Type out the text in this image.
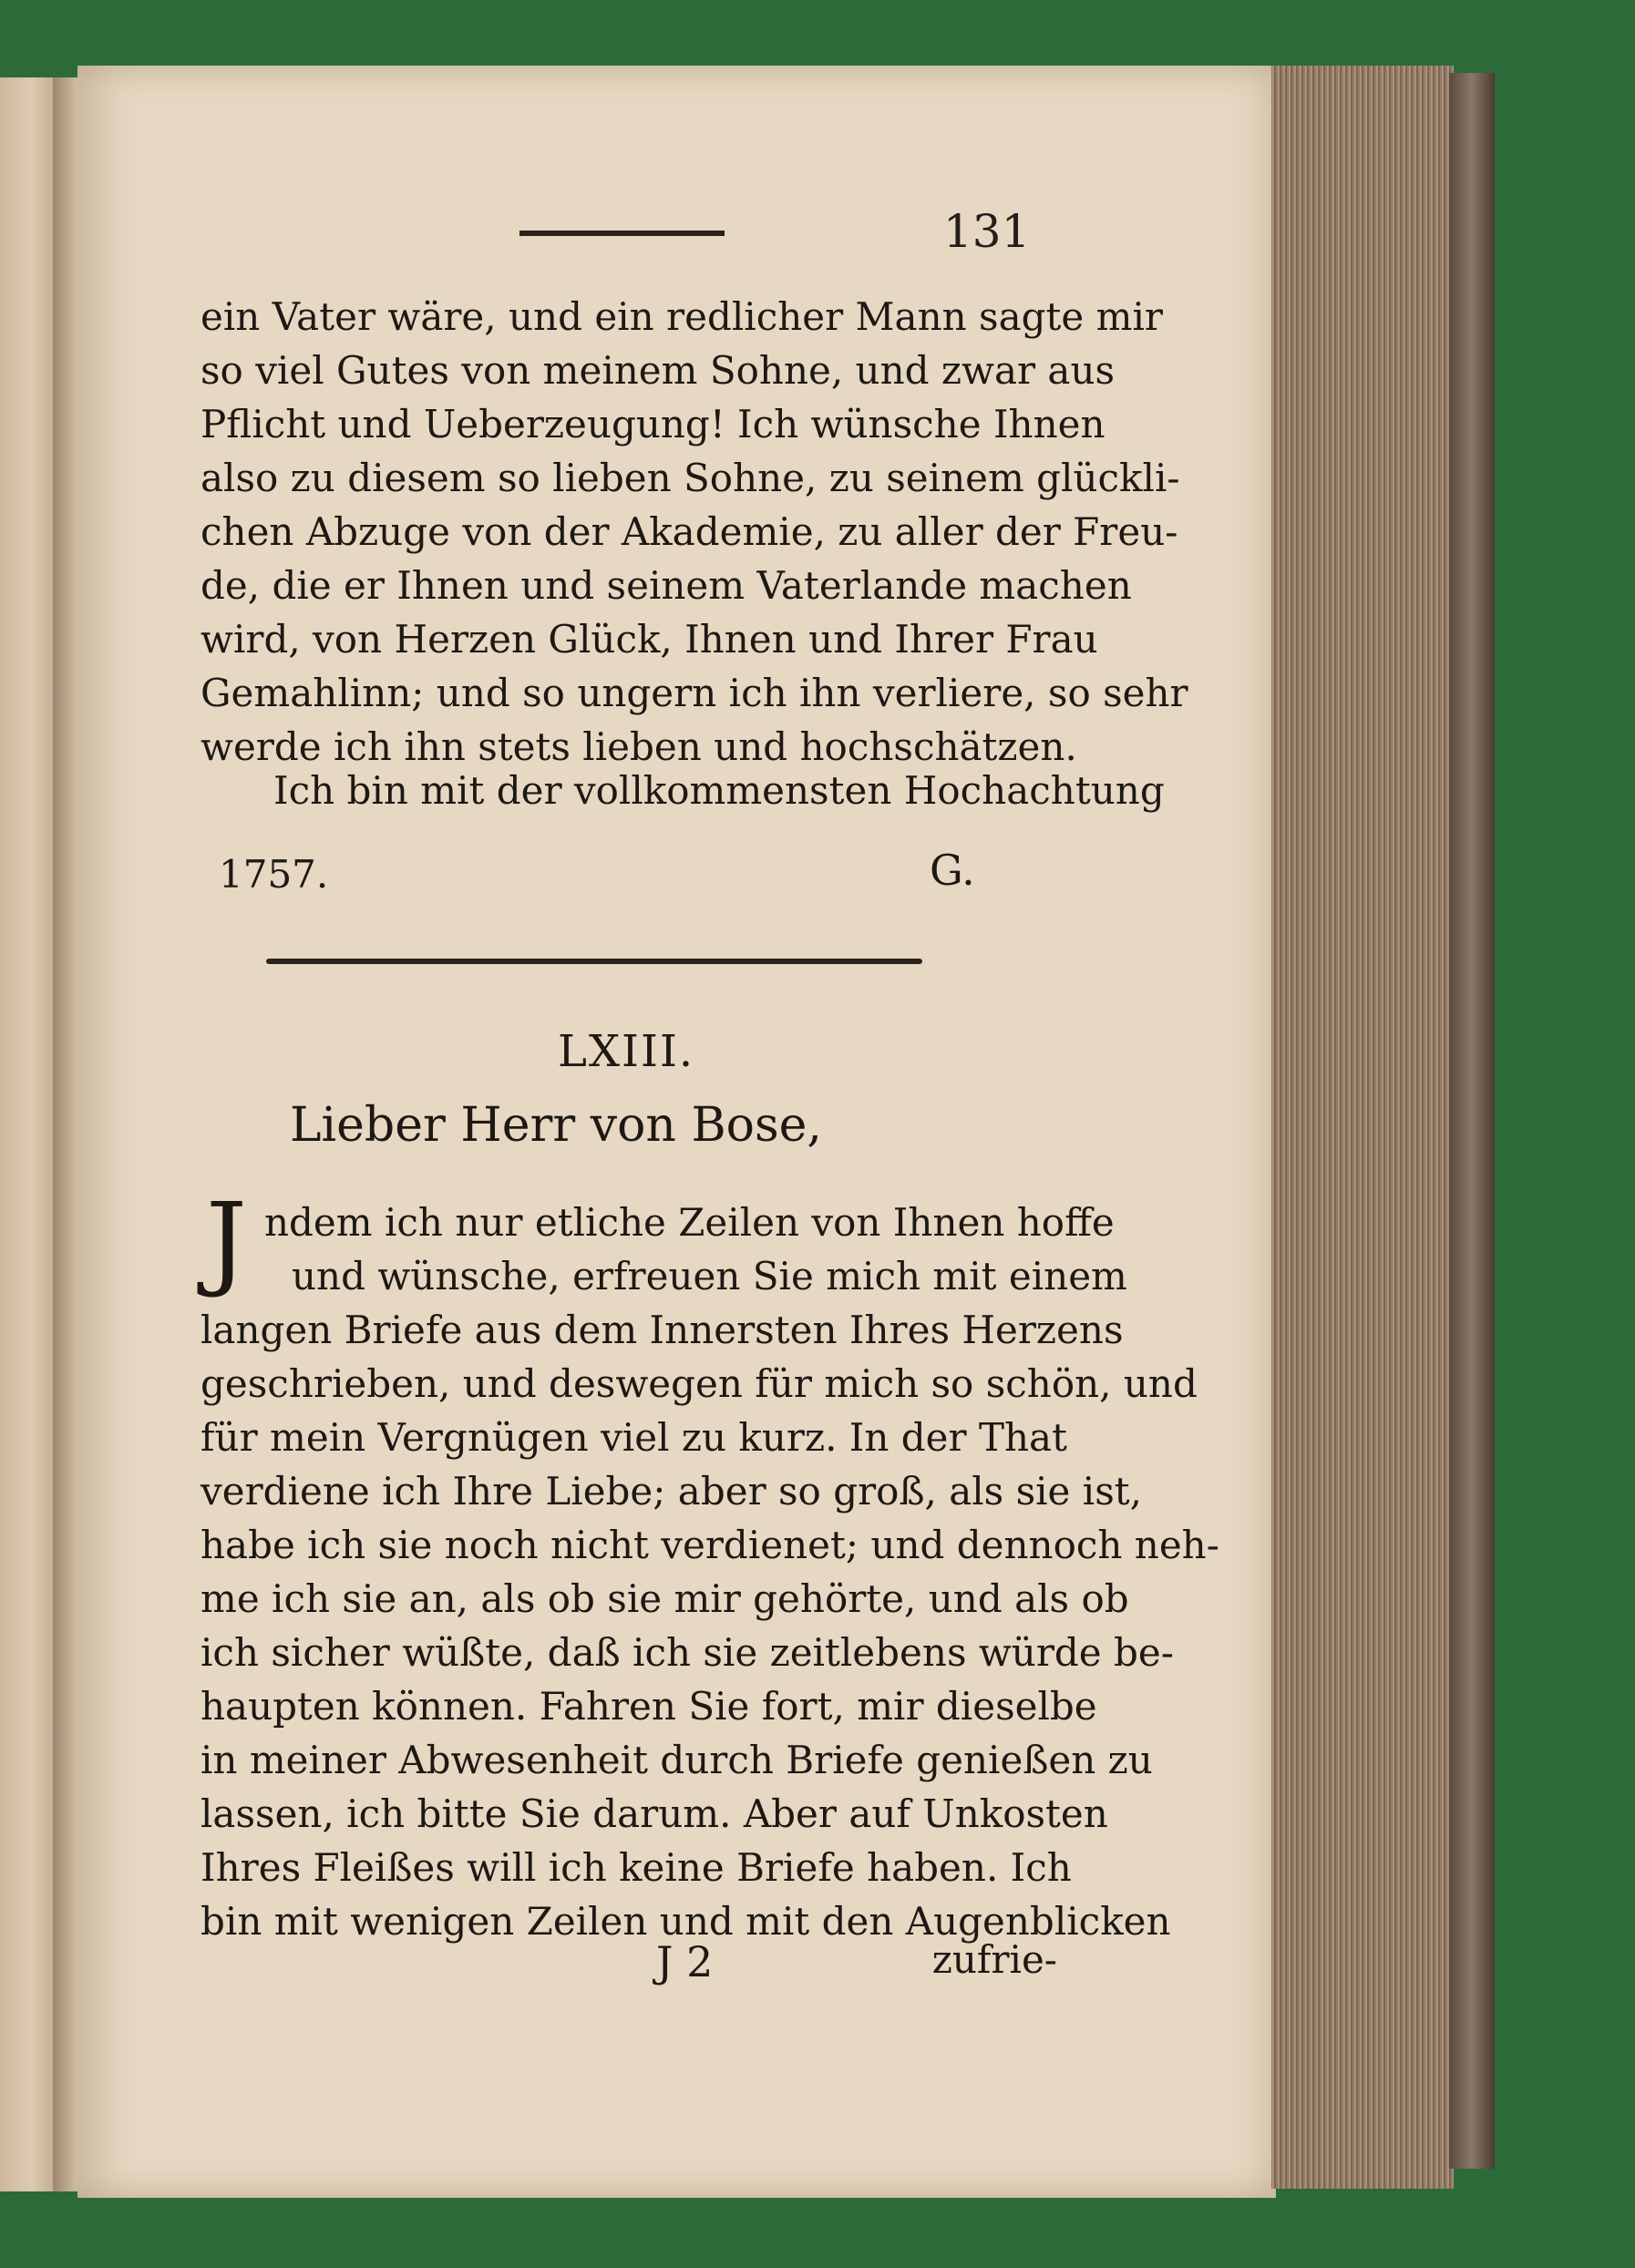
131
ein Vater wäre, und ein redlicher Mann sagte mir
so viel Gutes von meinem Sohne, und zwar aus
Pflicht und Ueberzeugung! Ich wünsche Ihnen
also zu diesem so lieben Sohne, zu seinem glückli-
chen Abzuge von der Akademie, zu aller der Freu-
de, die er Ihnen und seinem Vaterlande machen
wird, von Herzen Glück, Ihnen und Ihrer Frau
Gemahlinn; und so ungern ich ihn verliere, so sehr
werde ich ihn stets lieben und hochschätzen.
Ich bin mit der vollkommensten Hochachtung
1757.	G.
LXIII.
Lieber Herr von Bose,
J ndem ich nur etliche Zeilen von Ihnen hoffe
und wünsche, erfreuen Sie mich mit einem
langen Briefe aus dem Innersten Ihres Herzens
geschrieben, und deswegen für mich so schön, und
für mein Vergnügen viel zu kurz. In der That
verdiene ich Ihre Liebe; aber so groß, als sie ist,
habe ich sie noch nicht verdienet; und dennoch neh-
me ich sie an, als ob sie mir gehörte, und als ob
ich sicher wüßte, daß ich sie zeitlebens würde be-
haupten können. Fahren Sie fort, mir dieselbe
in meiner Abwesenheit durch Briefe genießen zu
lassen, ich bitte Sie darum. Aber auf Unkosten
Ihres Fleißes will ich keine Briefe haben. Ich
bin mit wenigen Zeilen und mit den Augenblicken
J 2	zufrie-
